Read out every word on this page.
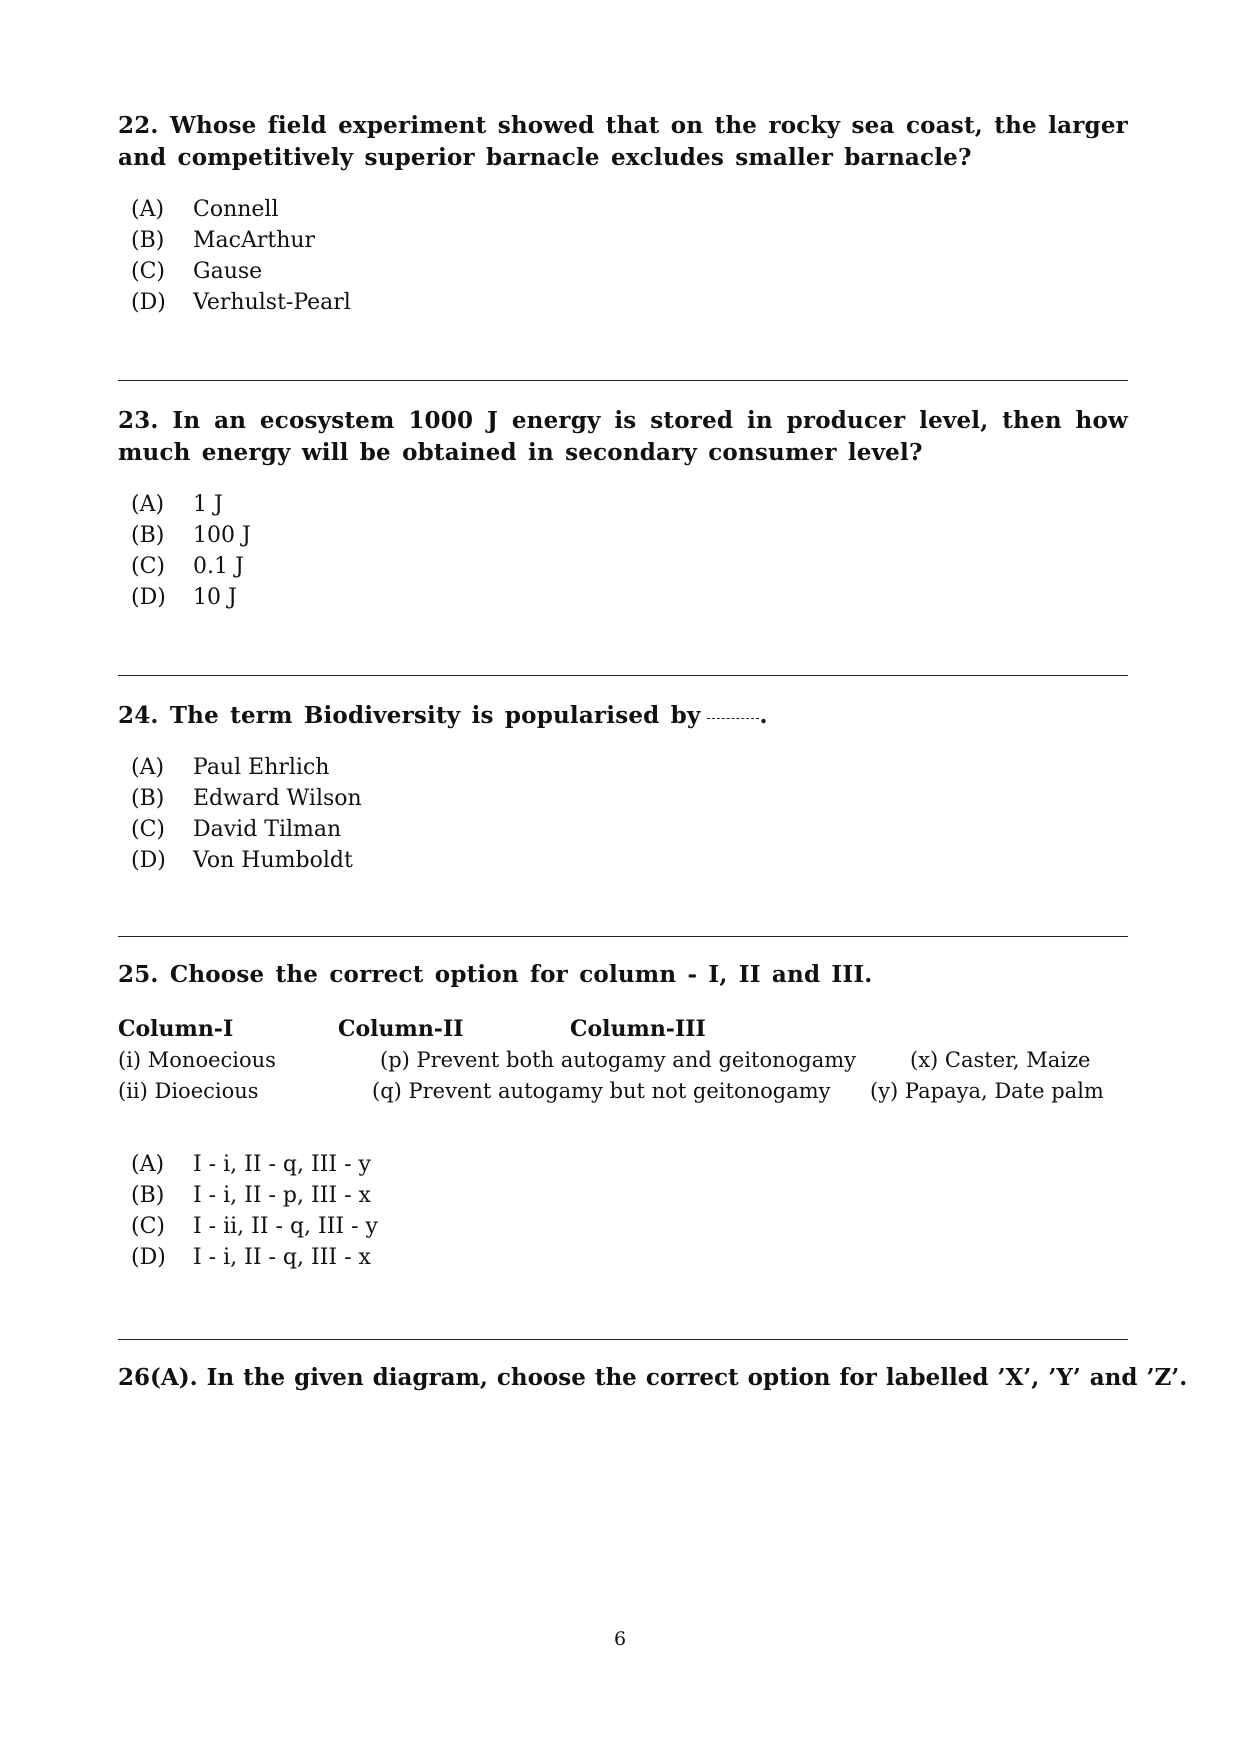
22. Whose field experiment showed that on the rocky sea coast, the larger and competitively superior barnacle excludes smaller barnacle?

(A)	Connell
(B)	MacArthur
(C)	Gause
(D)	Verhulst-Pearl

23. In an ecosystem 1000 J energy is stored in producer level, then how much energy will be obtained in secondary consumer level?

(A)	1 J
(B)	100 J
(C)	0.1 J
(D)	10 J

24. The term Biodiversity is popularised by	.

(A)	Paul Ehrlich
(B)	Edward Wilson
(C)	David Tilman
(D)	Von Humboldt

25. Choose the correct option for column - I, II and III.

Column-I	Column-II	Column-III
(i) Monoecious	(p) Prevent both autogamy and geitonogamy	(x) Caster, Maize
(ii) Dioecious	(q) Prevent autogamy but not geitonogamy	(y) Papaya, Date palm
(A)	I - i, II - q, III - y
(B)	I - i, II - p, III - x
(C)	I - ii, II - q, III - y
(D)	I - i, II - q, III - x

26(A). In the given diagram, choose the correct option for labelled ’X’, ’Y’ and ’Z’.

6
